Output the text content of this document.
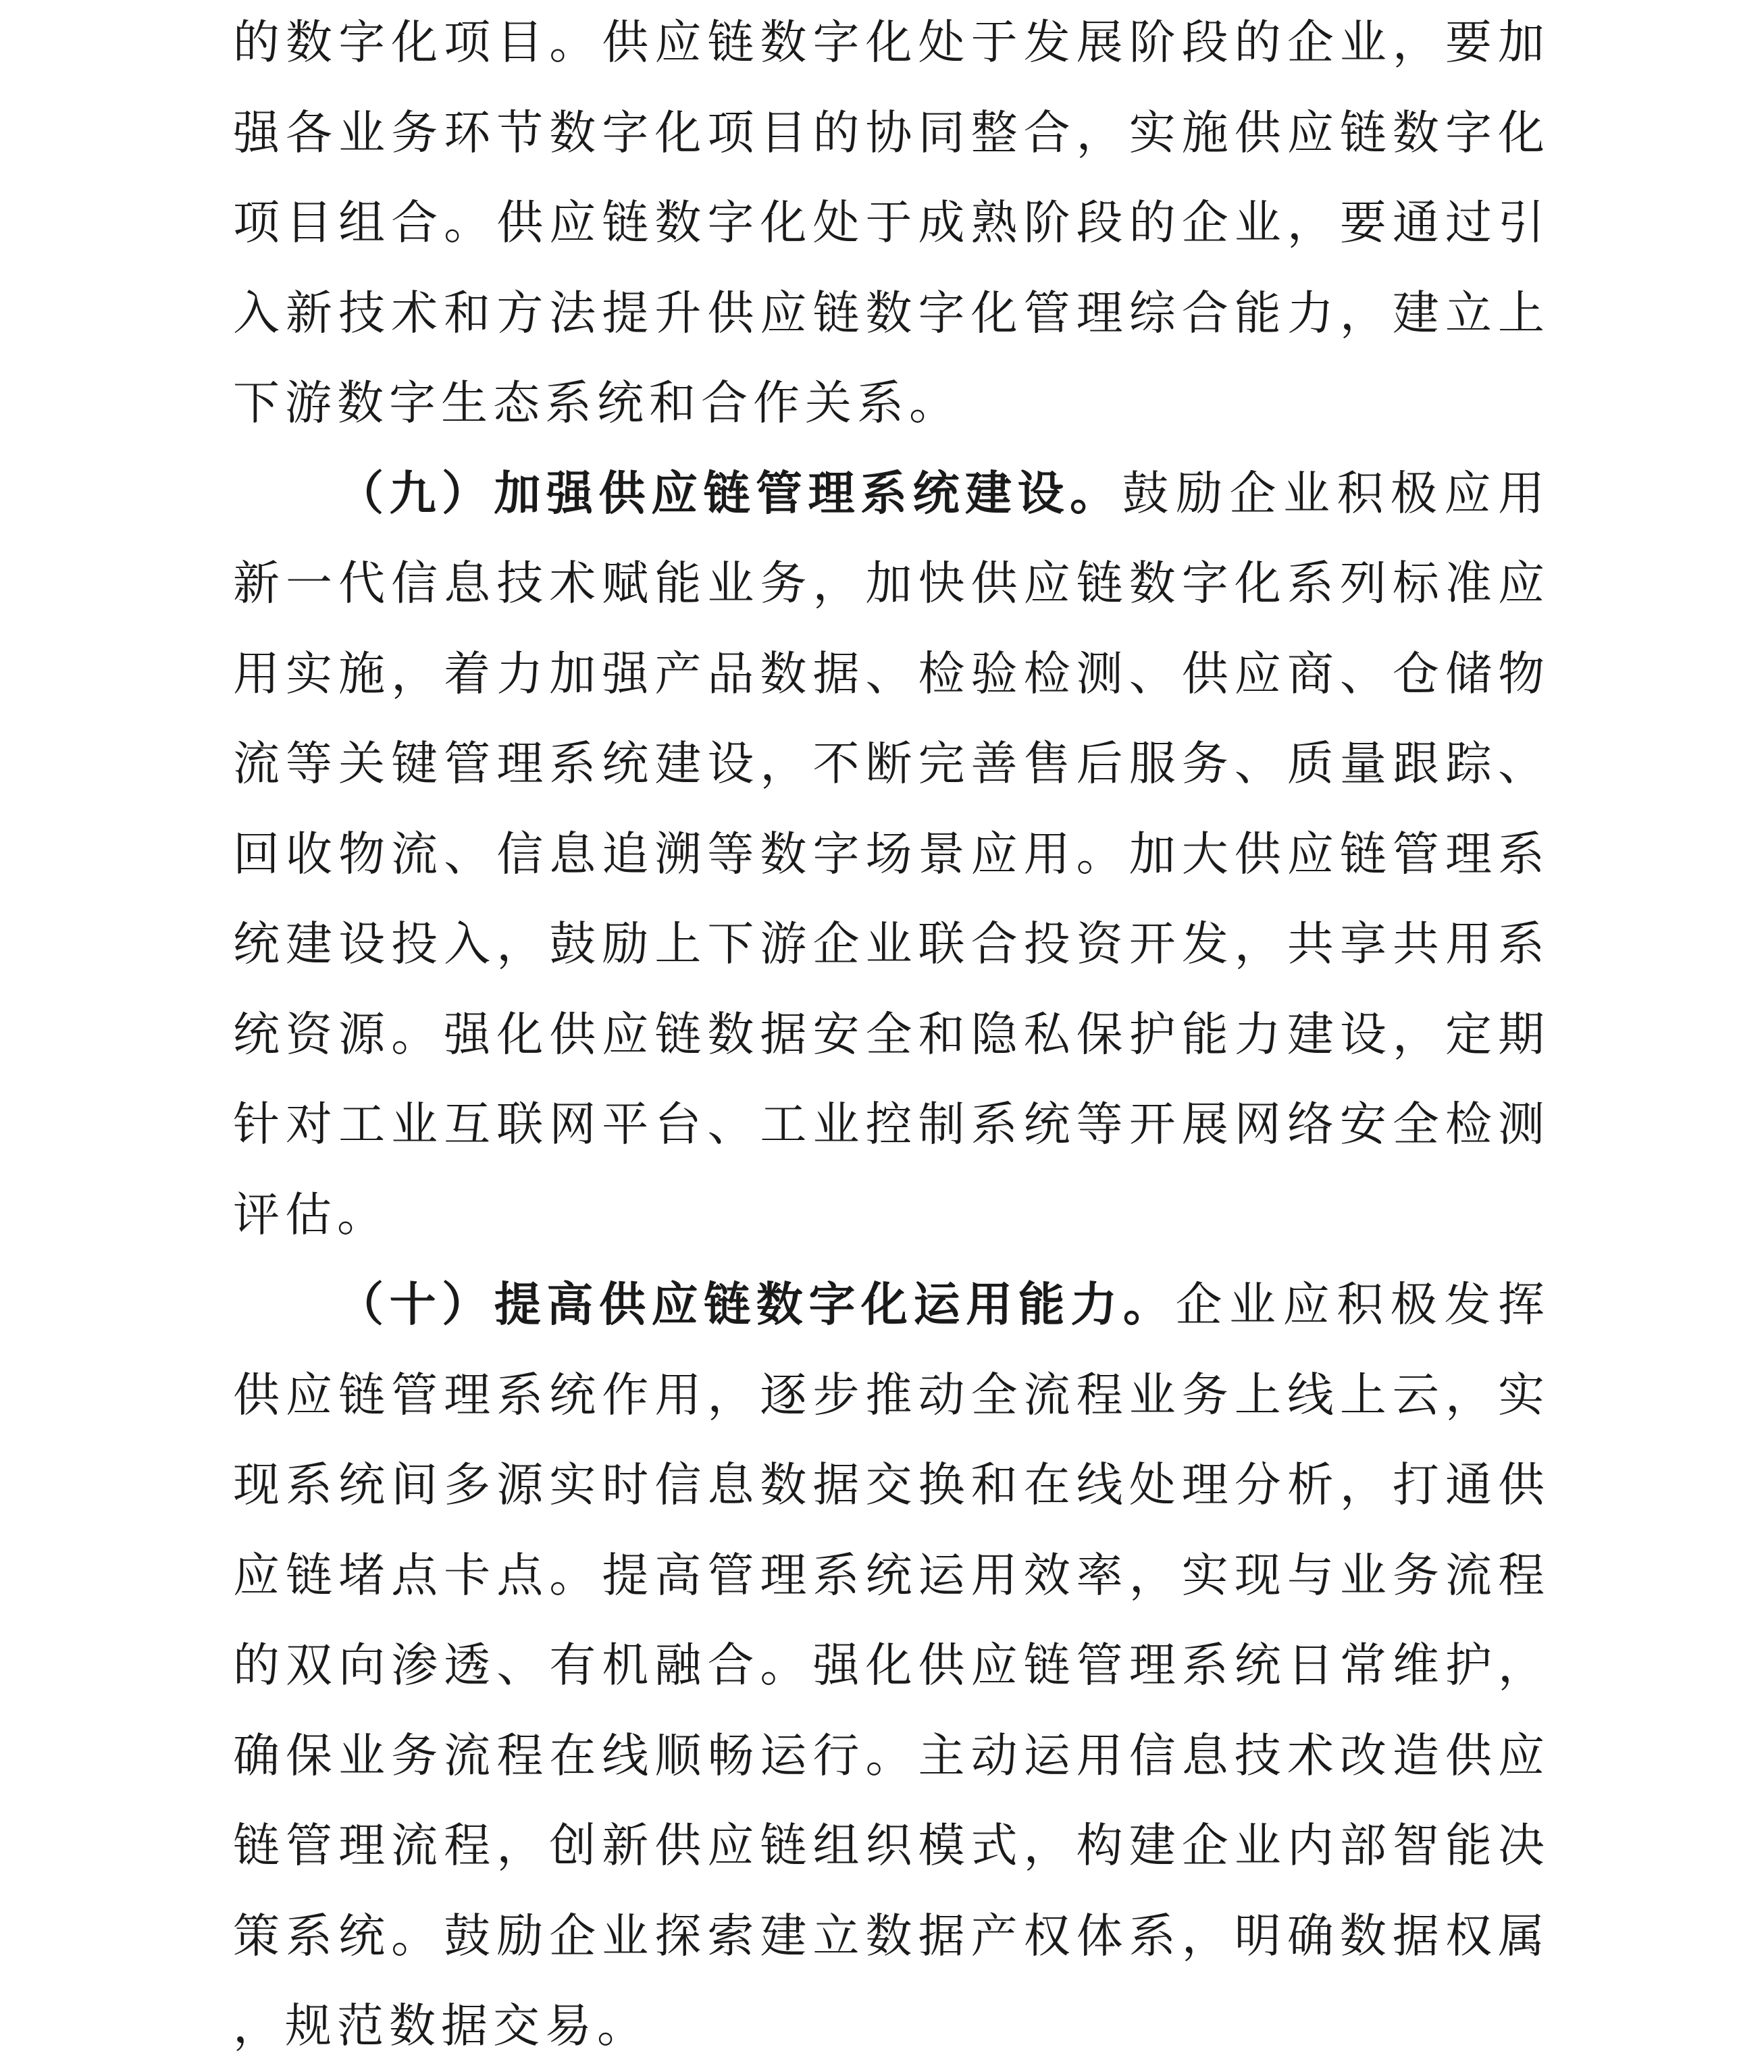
的数字化项目。供应链数字化处于发展阶段的企业，要加强各业务环节数字化项目的协同整合，实施供应链数字化项目组合。供应链数字化处于成熟阶段的企业，要通过引入新技术和方法提升供应链数字化管理综合能力，建立上下游数字生态系统和合作关系。

（九）加强供应链管理系统建设。鼓励企业积极应用新一代信息技术赋能业务，加快供应链数字化系列标准应用实施，着力加强产品数据、检验检测、供应商、仓储物流等关键管理系统建设，不断完善售后服务、质量跟踪、回收物流、信息追溯等数字场景应用。加大供应链管理系统建设投入，鼓励上下游企业联合投资开发，共享共用系统资源。强化供应链数据安全和隐私保护能力建设，定期针对工业互联网平台、工业控制系统等开展网络安全检测评估。

（十）提高供应链数字化运用能力。企业应积极发挥供应链管理系统作用，逐步推动全流程业务上线上云，实现系统间多源实时信息数据交换和在线处理分析，打通供应链堵点卡点。提高管理系统运用效率，实现与业务流程的双向渗透、有机融合。强化供应链管理系统日常维护，确保业务流程在线顺畅运行。主动运用信息技术改造供应链管理流程，创新供应链组织模式，构建企业内部智能决策系统。鼓励企业探索建立数据产权体系，明确数据权属，规范数据交易。
